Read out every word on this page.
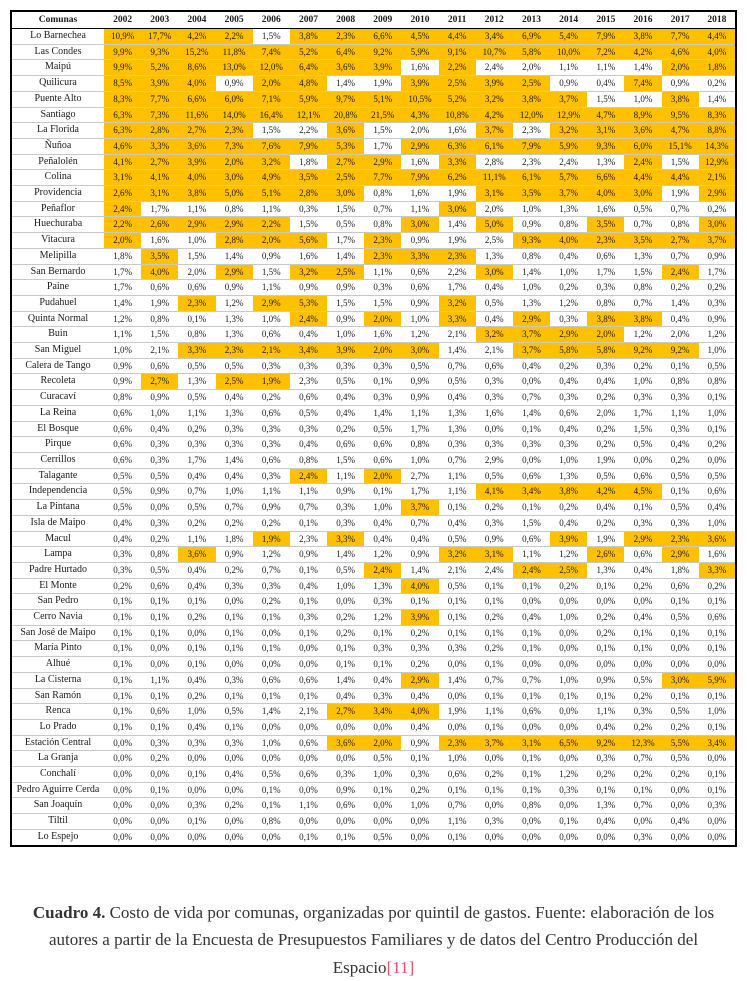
Comunas	2002	2003	2004	2005	2006	2007	2008	2009	2010	2011	2012	2013	2014	2015	2016	2017	2018
Lo Barnechea	10,9%	17,7%	4,2%	2,2%	1,5%	3,8%	2,3%	6,6%	4,5%	4,4%	3,4%	6,9%	5,4%	7,9%	3,8%	7,7%	4,4%
Las Condes	9,9%	9,3%	15,2%	11,8%	7,4%	5,2%	6,4%	9,2%	5,9%	9,1%	10,7%	5,8%	10,0%	7,2%	4,2%	4,6%	4,0%
Maipú	9,9%	5,2%	8,6%	13,0%	12,0%	6,4%	3,6%	3,9%	1,6%	2,2%	2,4%	2,0%	1,1%	1,1%	1,4%	2,0%	1,8%
Quilicura	8,5%	3,9%	4,0%	0,9%	2,0%	4,8%	1,4%	1,9%	3,9%	2,5%	3,9%	2,5%	0,9%	0,4%	7,4%	0,9%	0,2%
Puente Alto	8,3%	7,7%	6,6%	6,0%	7,1%	5,9%	9,7%	5,1%	10,5%	5,2%	3,2%	3,8%	3,7%	1,5%	1,0%	3,8%	1,4%
Santiago	6,3%	7,3%	11,6%	14,0%	16,4%	12,1%	20,8%	21,5%	4,3%	10,8%	4,2%	12,0%	12,9%	4,7%	8,9%	9,5%	8,3%
La Florida	6,3%	2,8%	2,7%	2,3%	1,5%	2,2%	3,6%	1,5%	2,0%	1,6%	3,7%	2,3%	3,2%	3,1%	3,6%	4,7%	8,8%
Ñuñoa	4,6%	3,3%	3,6%	7,3%	7,6%	7,9%	5,3%	1,7%	2,9%	6,3%	6,1%	7,9%	5,9%	9,3%	6,0%	15,1%	14,3%
Peñalolén	4,1%	2,7%	3,9%	2,0%	3,2%	1,8%	2,7%	2,9%	1,6%	3,3%	2,8%	2,3%	2,4%	1,3%	2,4%	1,5%	12,9%
Colina	3,1%	4,1%	4,0%	3,0%	4,9%	3,5%	2,5%	7,7%	7,9%	6,2%	11,1%	6,1%	5,7%	6,6%	4,4%	4,4%	2,1%
Providencia	2,6%	3,1%	3,8%	5,0%	5,1%	2,8%	3,0%	0,8%	1,6%	1,9%	3,1%	3,5%	3,7%	4,0%	3,0%	1,9%	2,9%
Peñaflor	2,4%	1,7%	1,1%	0,8%	1,1%	0,3%	1,5%	0,7%	1,1%	3,0%	2,0%	1,0%	1,3%	1,6%	0,5%	0,7%	0,2%
Huechuraba	2,2%	2,6%	2,9%	2,9%	2,2%	1,5%	0,5%	0,8%	3,0%	1,4%	5,0%	0,9%	0,8%	3,5%	0,7%	0,8%	3,0%
Vitacura	2,0%	1,6%	1,0%	2,8%	2,0%	5,6%	1,7%	2,3%	0,9%	1,9%	2,5%	9,3%	4,0%	2,3%	3,5%	2,7%	3,7%
Melipilla	1,8%	3,5%	1,5%	1,4%	0,9%	1,6%	1,4%	2,3%	3,3%	2,3%	1,3%	0,8%	0,4%	0,6%	1,3%	0,7%	0,9%
San Bernardo	1,7%	4,0%	2,0%	2,9%	1,5%	3,2%	2,5%	1,1%	0,6%	2,2%	3,0%	1,4%	1,0%	1,7%	1,5%	2,4%	1,7%
Paine	1,7%	0,6%	0,6%	0,9%	1,1%	0,9%	0,9%	0,3%	0,6%	1,7%	0,4%	1,0%	0,2%	0,3%	0,8%	0,2%	0,2%
Pudahuel	1,4%	1,9%	2,3%	1,2%	2,9%	5,3%	1,5%	1,5%	0,9%	3,2%	0,5%	1,3%	1,2%	0,8%	0,7%	1,4%	0,3%
Quinta Normal	1,2%	0,8%	0,1%	1,3%	1,0%	2,4%	0,9%	2,0%	1,0%	3,3%	0,4%	2,9%	0,3%	3,8%	3,8%	0,4%	0,9%
Buin	1,1%	1,5%	0,8%	1,3%	0,6%	0,4%	1,0%	1,6%	1,2%	2,1%	3,2%	3,7%	2,9%	2,0%	1,2%	2,0%	1,2%
San Miguel	1,0%	2,1%	3,3%	2,3%	2,1%	3,4%	3,9%	2,0%	3,0%	1,4%	2,1%	3,7%	5,8%	5,8%	9,2%	9,2%	1,0%
Calera de Tango	0,9%	0,6%	0,5%	0,5%	0,3%	0,3%	0,3%	0,3%	0,5%	0,7%	0,6%	0,4%	0,2%	0,3%	0,2%	0,1%	0,5%
Recoleta	0,9%	2,7%	1,3%	2,5%	1,9%	2,3%	0,5%	0,1%	0,9%	0,5%	0,3%	0,0%	0,4%	0,4%	1,0%	0,8%	0,8%
Curacaví	0,8%	0,9%	0,5%	0,4%	0,2%	0,6%	0,4%	0,3%	0,9%	0,4%	0,3%	0,7%	0,3%	0,2%	0,3%	0,3%	0,1%
La Reina	0,6%	1,0%	1,1%	1,3%	0,6%	0,5%	0,4%	1,4%	1,1%	1,3%	1,6%	1,4%	0,6%	2,0%	1,7%	1,1%	1,0%
El Bosque	0,6%	0,4%	0,2%	0,3%	0,3%	0,3%	0,2%	0,5%	1,7%	1,3%	0,0%	0,1%	0,4%	0,2%	1,5%	0,3%	0,1%
Pirque	0,6%	0,3%	0,3%	0,3%	0,3%	0,4%	0,6%	0,6%	0,8%	0,3%	0,3%	0,3%	0,3%	0,2%	0,5%	0,4%	0,2%
Cerrillos	0,6%	0,3%	1,7%	1,4%	0,6%	0,8%	1,5%	0,6%	1,0%	0,7%	2,9%	0,0%	1,0%	1,9%	0,0%	0,2%	0,0%
Talagante	0,5%	0,5%	0,4%	0,4%	0,3%	2,4%	1,1%	2,0%	2,7%	1,1%	0,5%	0,6%	1,3%	0,5%	0,6%	0,5%	0,5%
Independencia	0,5%	0,9%	0,7%	1,0%	1,1%	1,1%	0,9%	0,1%	1,7%	1,1%	4,1%	3,4%	3,8%	4,2%	4,5%	0,1%	0,6%
La Pintana	0,5%	0,0%	0,5%	0,7%	0,9%	0,7%	0,3%	1,0%	3,7%	0,1%	0,2%	0,1%	0,2%	0,4%	0,1%	0,5%	0,4%
Isla de Maipo	0,4%	0,3%	0,2%	0,2%	0,2%	0,1%	0,3%	0,4%	0,7%	0,4%	0,3%	1,5%	0,4%	0,2%	0,3%	0,3%	1,0%
Macul	0,4%	0,2%	1,1%	1,8%	1,9%	2,3%	3,3%	0,4%	0,4%	0,5%	0,9%	0,6%	3,9%	1,9%	2,9%	2,3%	3,6%
Lampa	0,3%	0,8%	3,6%	0,9%	1,2%	0,9%	1,4%	1,2%	0,9%	3,2%	3,1%	1,1%	1,2%	2,6%	0,6%	2,9%	1,6%
Padre Hurtado	0,3%	0,5%	0,4%	0,2%	0,7%	0,1%	0,5%	2,4%	1,4%	2,1%	2,4%	2,4%	2,5%	1,3%	0,4%	1,8%	3,3%
El Monte	0,2%	0,6%	0,4%	0,3%	0,3%	0,4%	1,0%	1,3%	4,0%	0,5%	0,1%	0,1%	0,2%	0,1%	0,2%	0,6%	0,2%
San Pedro	0,1%	0,1%	0,1%	0,0%	0,2%	0,1%	0,0%	0,3%	0,1%	0,1%	0,1%	0,0%	0,0%	0,0%	0,0%	0,1%	0,1%
Cerro Navia	0,1%	0,1%	0,2%	0,1%	0,1%	0,3%	0,2%	1,2%	3,9%	0,1%	0,2%	0,4%	1,0%	0,2%	0,4%	0,5%	0,6%
San José de Maipo	0,1%	0,1%	0,0%	0,1%	0,0%	0,1%	0,2%	0,1%	0,2%	0,1%	0,1%	0,1%	0,0%	0,2%	0,1%	0,1%	0,1%
María Pinto	0,1%	0,0%	0,1%	0,1%	0,1%	0,0%	0,1%	0,3%	0,3%	0,3%	0,2%	0,1%	0,0%	0,1%	0,1%	0,0%	0,1%
Alhué	0,1%	0,0%	0,1%	0,0%	0,0%	0,0%	0,1%	0,1%	0,2%	0,0%	0,1%	0,0%	0,0%	0,0%	0,0%	0,0%	0,0%
La Cisterna	0,1%	1,1%	0,4%	0,3%	0,6%	0,6%	1,4%	0,4%	2,9%	1,4%	0,7%	0,7%	1,0%	0,9%	0,5%	3,0%	5,9%
San Ramón	0,1%	0,1%	0,2%	0,1%	0,1%	0,1%	0,4%	0,3%	0,4%	0,0%	0,1%	0,1%	0,1%	0,1%	0,2%	0,1%	0,1%
Renca	0,1%	0,6%	1,0%	0,5%	1,4%	2,1%	2,7%	3,4%	4,0%	1,9%	1,1%	0,6%	0,0%	1,1%	0,3%	0,5%	1,0%
Lo Prado	0,1%	0,1%	0,4%	0,1%	0,0%	0,0%	0,0%	0,0%	0,4%	0,0%	0,1%	0,0%	0,0%	0,4%	0,2%	0,2%	0,1%
Estación Central	0,0%	0,3%	0,3%	0,3%	1,0%	0,6%	3,6%	2,0%	0,9%	2,3%	3,7%	3,1%	6,5%	9,2%	12,3%	5,5%	3,4%
La Granja	0,0%	0,2%	0,0%	0,0%	0,0%	0,0%	0,0%	0,5%	0,1%	1,0%	0,0%	0,1%	0,0%	0,3%	0,7%	0,5%	0,0%
Conchalí	0,0%	0,0%	0,1%	0,4%	0,5%	0,6%	0,3%	1,0%	0,3%	0,6%	0,2%	0,1%	1,2%	0,2%	0,2%	0,2%	0,1%
Pedro Aguirre Cerda	0,0%	0,1%	0,0%	0,0%	0,1%	0,0%	0,9%	0,1%	0,2%	0,1%	0,1%	0,1%	0,3%	0,1%	0,1%	0,0%	0,1%
San Joaquín	0,0%	0,0%	0,3%	0,2%	0,1%	1,1%	0,6%	0,0%	1,0%	0,7%	0,0%	0,8%	0,0%	1,3%	0,7%	0,0%	0,3%
Tiltil	0,0%	0,0%	0,1%	0,0%	0,8%	0,0%	0,0%	0,0%	0,0%	1,1%	0,3%	0,0%	0,1%	0,4%	0,0%	0,4%	0,0%
Lo Espejo	0,0%	0,0%	0,0%	0,0%	0,0%	0,1%	0,1%	0,5%	0,0%	0,1%	0,0%	0,0%	0,0%	0,0%	0,3%	0,0%	0,0%
Cuadro 4. Costo de vida por comunas, organizadas por quintil de gastos. Fuente: elaboración de los autores a partir de la Encuesta de Presupuestos Familiares y de datos del Centro Producción del Espacio[11]
